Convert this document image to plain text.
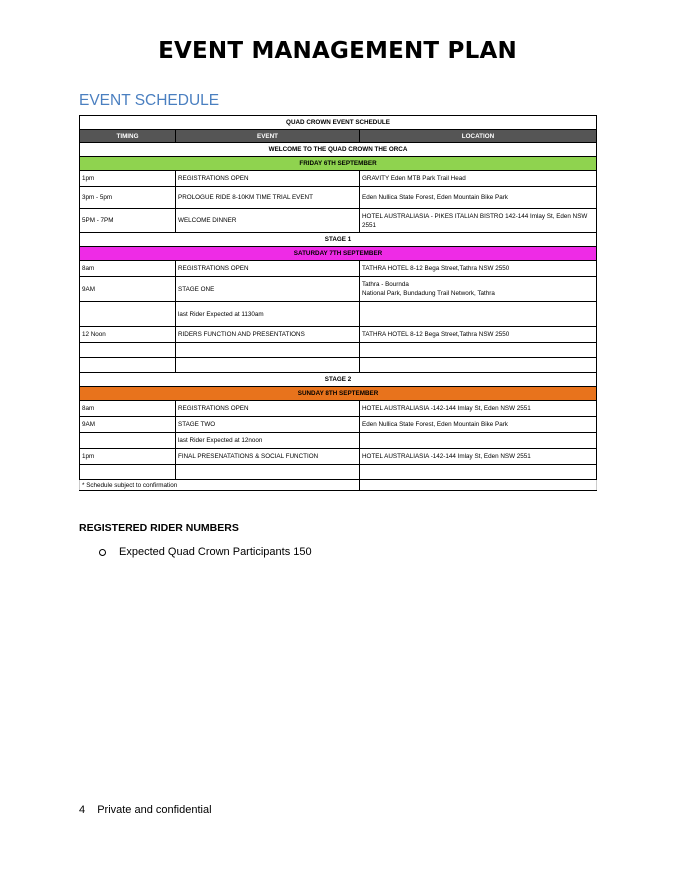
EVENT MANAGEMENT PLAN
EVENT SCHEDULE
QUAD CROWN EVENT SCHEDULE		
TIMING	EVENT	LOCATION
WELCOME TO THE QUAD CROWN THE ORCA		
FRIDAY 6TH SEPTEMBER		
1pm	REGISTRATIONS OPEN	GRAVITY Eden MTB Park Trail Head
3pm - 5pm	PROLOGUE RIDE 8-10KM TIME TRIAL EVENT	Eden Nullica State Forest, Eden Mountain Bike Park
5PM - 7PM	WELCOME DINNER	HOTEL AUSTRALIASIA - PIKES ITALIAN BISTRO 142-144 Imlay St, Eden NSW 2551
STAGE 1		
SATURDAY 7TH SEPTEMBER		
8am	REGISTRATIONS OPEN	TATHRA HOTEL 8-12 Bega Street,Tathra NSW 2550
9AM	STAGE ONE	Tathra - Bournda
National Park, Bundadung Trail Network, Tathra

	last Rider Expected at 1130am	
12 Noon	RIDERS FUNCTION AND PRESENTATIONS	TATHRA HOTEL 8-12 Bega Street,Tathra NSW 2550

STAGE 2		
SUNDAY 8TH SEPTEMBER		
8am	REGISTRATIONS OPEN	HOTEL AUSTRALIASIA -142-144 Imlay St, Eden NSW 2551
9AM	STAGE TWO	Eden Nullica State Forest, Eden Mountain Bike Park
	last Rider Expected at 12noon	
1pm	FINAL PRESENATATIONS & SOCIAL FUNCTION	HOTEL AUSTRALIASIA -142-144 Imlay St, Eden NSW 2551

* Schedule subject to confirmation		
REGISTERED RIDER NUMBERS
Expected Quad Crown Participants 150
4 Private and confidential
